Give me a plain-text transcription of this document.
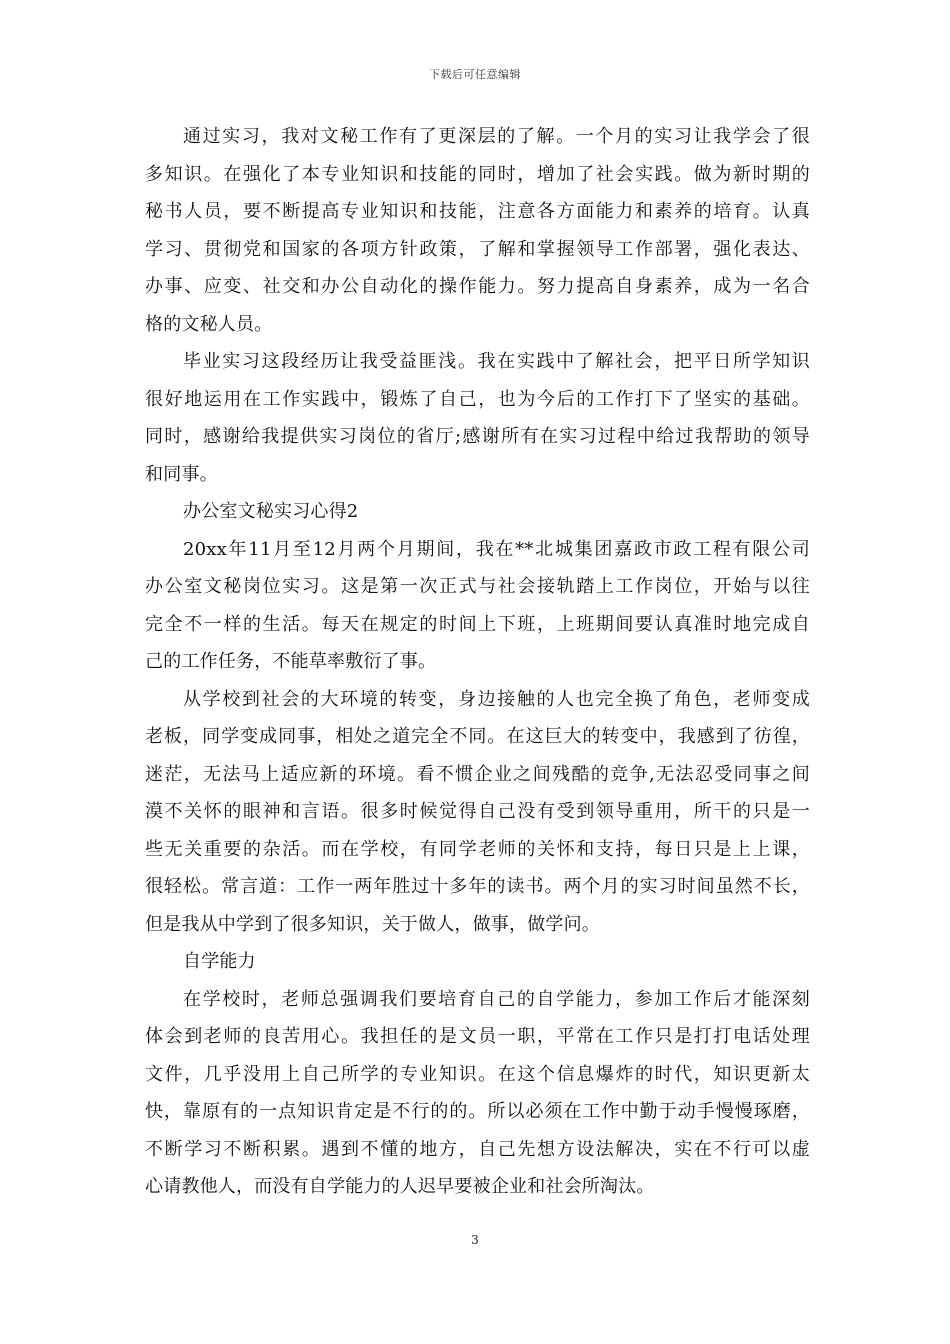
下载后可任意编辑
通过实习，我对文秘工作有了更深层的了解。一个月的实习让我学会了很
多知识。在强化了本专业知识和技能的同时，增加了社会实践。做为新时期的
秘书人员，要不断提高专业知识和技能，注意各方面能力和素养的培育。认真
学习、贯彻党和国家的各项方针政策，了解和掌握领导工作部署，强化表达、
办事、应变、社交和办公自动化的操作能力。努力提高自身素养，成为一名合
格的文秘人员。
毕业实习这段经历让我受益匪浅。我在实践中了解社会，把平日所学知识
很好地运用在工作实践中，锻炼了自己，也为今后的工作打下了坚实的基础。
同时，感谢给我提供实习岗位的省厅;感谢所有在实习过程中给过我帮助的领导
和同事。
办公室文秘实习心得2
20xx年11月至12月两个月期间，我在**北城集团嘉政市政工程有限公司
办公室文秘岗位实习。这是第一次正式与社会接轨踏上工作岗位，开始与以往
完全不一样的生活。每天在规定的时间上下班，上班期间要认真准时地完成自
己的工作任务，不能草率敷衍了事。
从学校到社会的大环境的转变，身边接触的人也完全换了角色，老师变成
老板，同学变成同事，相处之道完全不同。在这巨大的转变中，我感到了彷徨，
迷茫，无法马上适应新的环境。看不惯企业之间残酷的竞争,无法忍受同事之间
漠不关怀的眼神和言语。很多时候觉得自己没有受到领导重用，所干的只是一
些无关重要的杂活。而在学校，有同学老师的关怀和支持，每日只是上上课，
很轻松。常言道：工作一两年胜过十多年的读书。两个月的实习时间虽然不长，
但是我从中学到了很多知识，关于做人，做事，做学问。
自学能力
在学校时，老师总强调我们要培育自己的自学能力，参加工作后才能深刻
体会到老师的良苦用心。我担任的是文员一职，平常在工作只是打打电话处理
文件，几乎没用上自己所学的专业知识。在这个信息爆炸的时代，知识更新太
快，靠原有的一点知识肯定是不行的的。所以必须在工作中勤于动手慢慢琢磨，
不断学习不断积累。遇到不懂的地方，自己先想方设法解决，实在不行可以虚
心请教他人，而没有自学能力的人迟早要被企业和社会所淘汰。
3
